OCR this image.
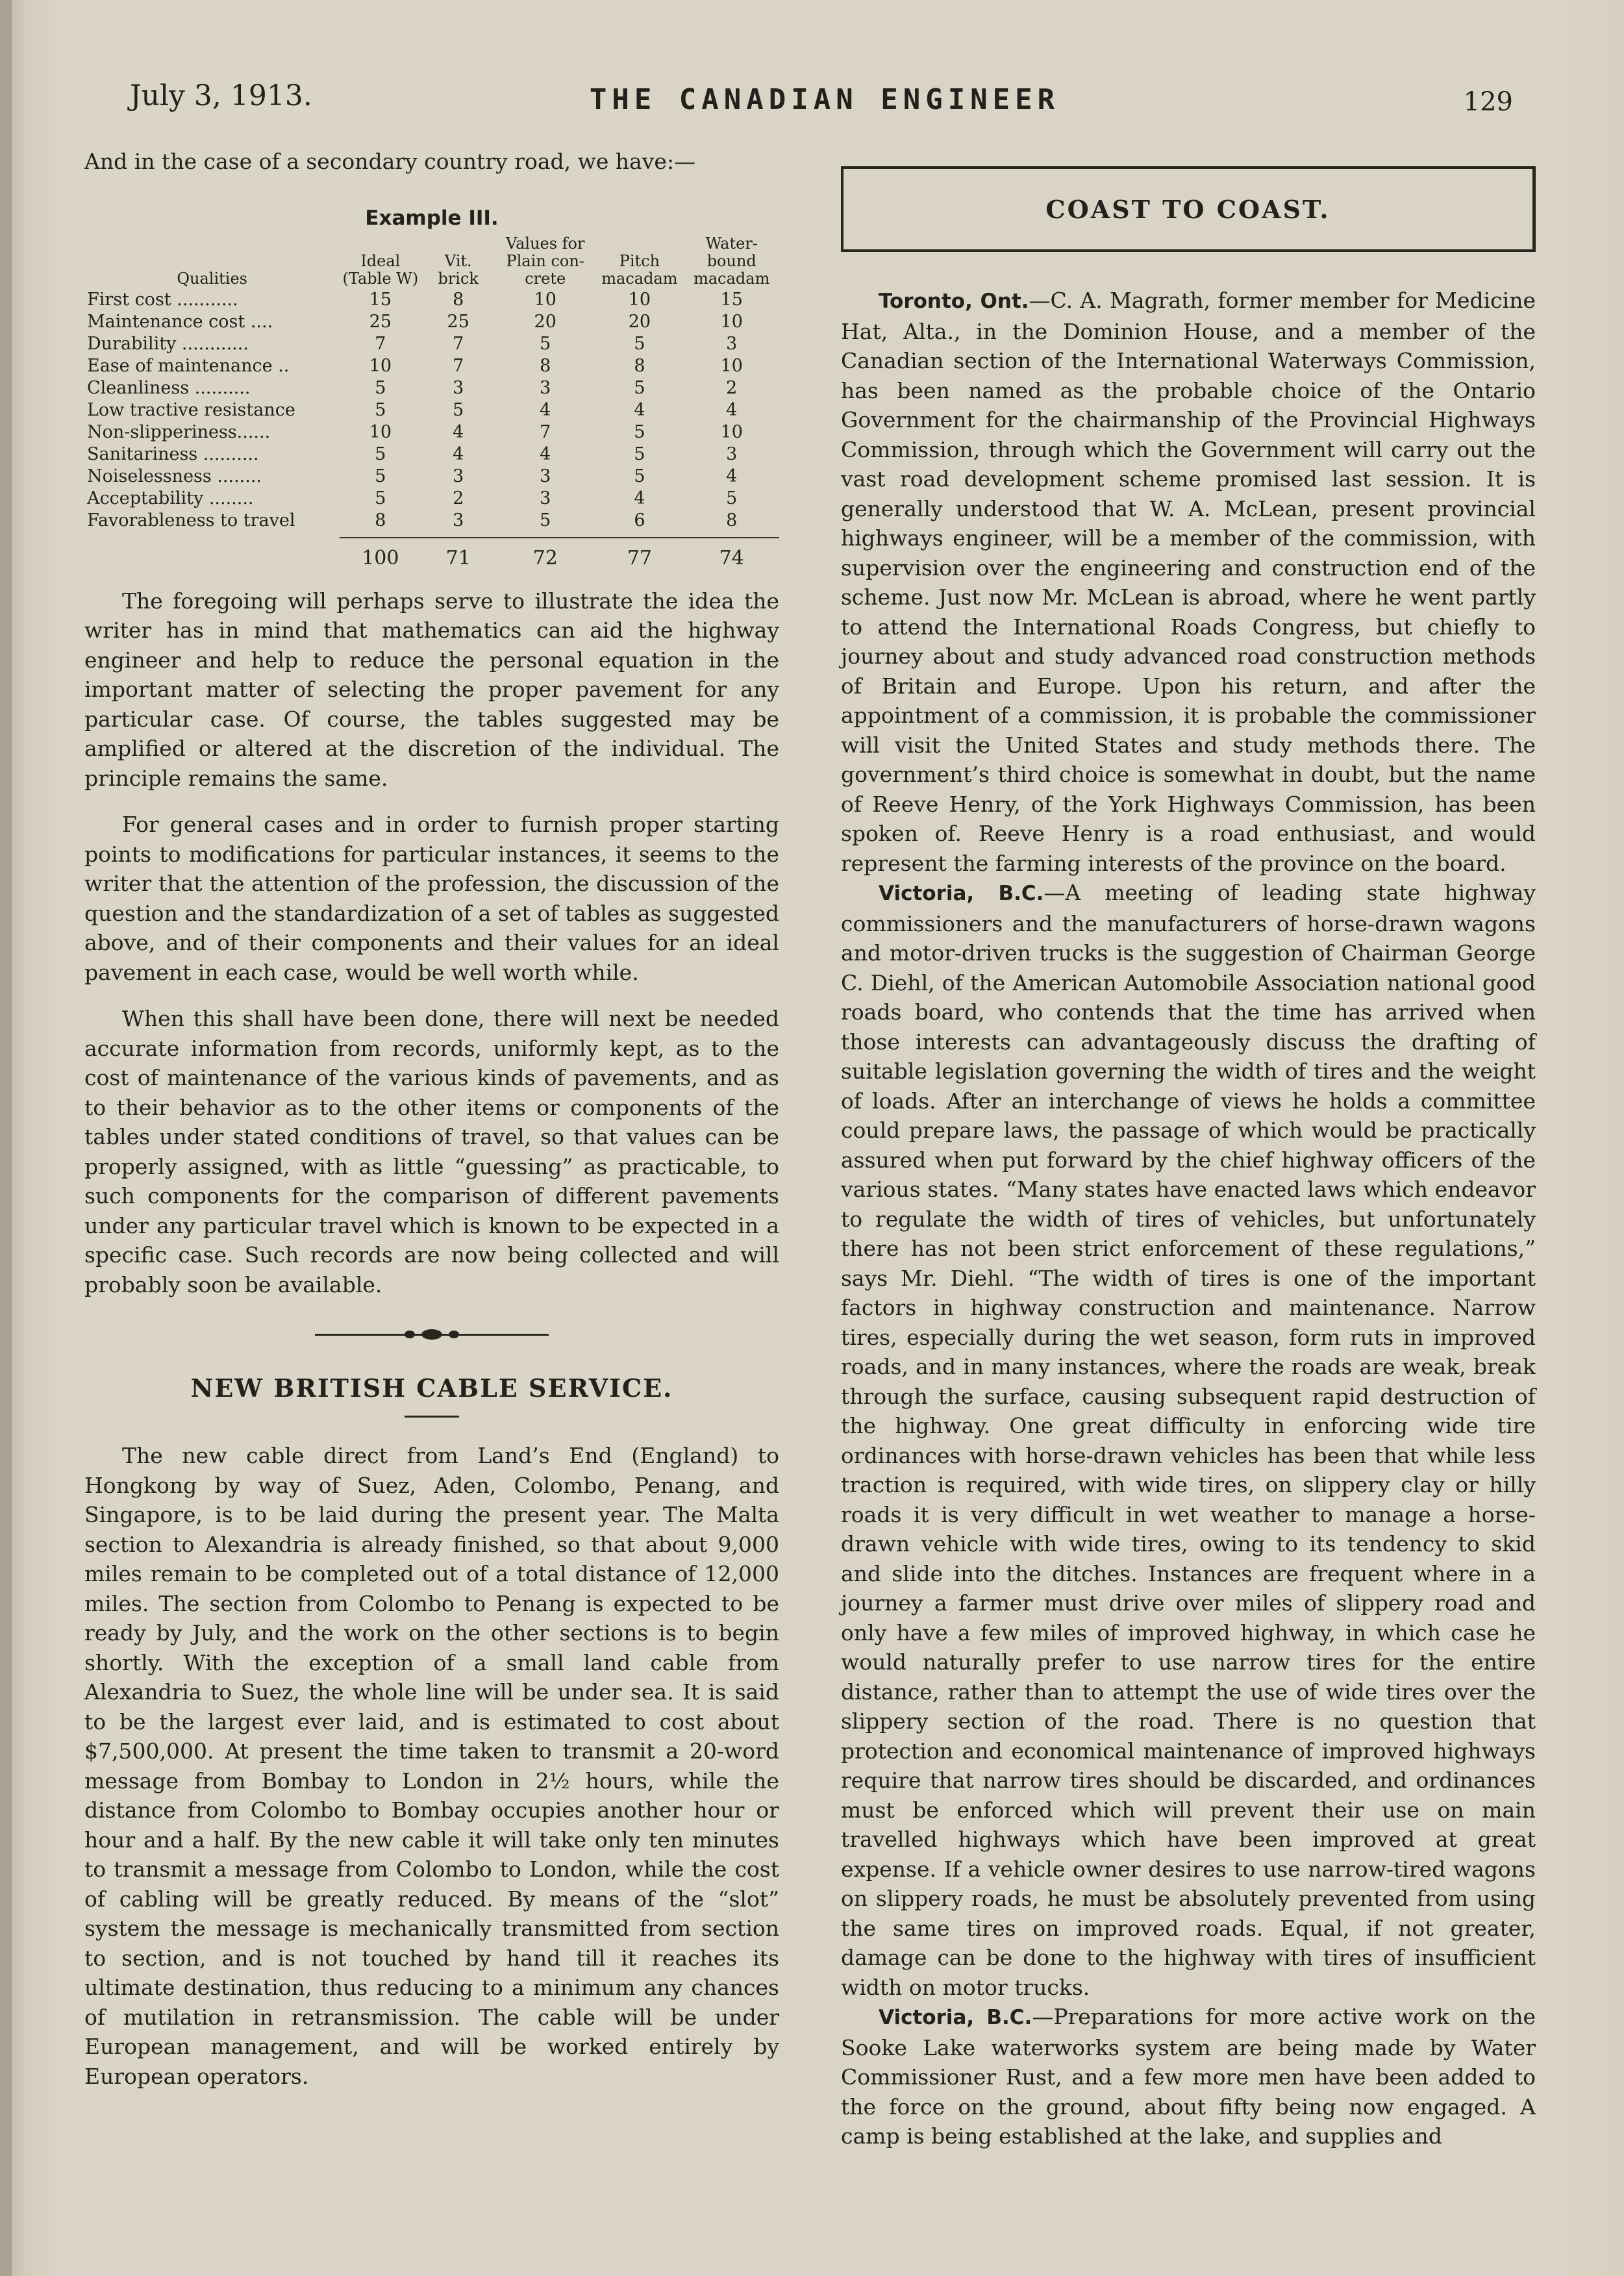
July 3, 1913.	THE CANADIAN ENGINEER	129

And in the case of a secondary country road, we have:—

Example III.
Qualities	Ideal (Table W)	Vit. brick	Values for Plain con- crete	Pitch macadam	Water- bound macadam
First cost ...........	15	8	10	10	15
Maintenance cost ....	25	25	20	20	10
Durability ............	7	7	5	5	3
Ease of maintenance ..	10	7	8	8	10
Cleanliness ..........	5	3	3	5	2
Low tractive resistance	5	5	4	4	4
Non-slipperiness......	10	4	7	5	10
Sanitariness ..........	5	4	4	5	3
Noiselessness ........	5	3	3	5	4
Acceptability ........	5	2	3	4	5
Favorableness to travel	8	3	5	6	8

	100	71	72	77	74

The foregoing will perhaps serve to illustrate the idea the writer has in mind that mathematics can aid the highway engineer and help to reduce the personal equation in the important matter of selecting the proper pavement for any particular case. Of course, the tables suggested may be amplified or altered at the discretion of the individual. The principle remains the same.

For general cases and in order to furnish proper starting points to modifications for particular instances, it seems to the writer that the attention of the profession, the discussion of the question and the standardization of a set of tables as suggested above, and of their components and their values for an ideal pavement in each case, would be well worth while.

When this shall have been done, there will next be needed accurate information from records, uniformly kept, as to the cost of maintenance of the various kinds of pavements, and as to their behavior as to the other items or components of the tables under stated conditions of travel, so that values can be properly assigned, with as little “guessing” as practicable, to such components for the comparison of different pavements under any particular travel which is known to be expected in a specific case. Such records are now being collected and will probably soon be available.

NEW BRITISH CABLE SERVICE.

The new cable direct from Land’s End (England) to Hongkong by way of Suez, Aden, Colombo, Penang, and Singapore, is to be laid during the present year. The Malta section to Alexandria is already finished, so that about 9,000 miles remain to be completed out of a total distance of 12,000 miles. The section from Colombo to Penang is expected to be ready by July, and the work on the other sections is to begin shortly. With the exception of a small land cable from Alexandria to Suez, the whole line will be under sea. It is said to be the largest ever laid, and is estimated to cost about $7,500,000. At present the time taken to transmit a 20-word message from Bombay to London in 2½ hours, while the distance from Colombo to Bombay occupies another hour or hour and a half. By the new cable it will take only ten minutes to transmit a message from Colombo to London, while the cost of cabling will be greatly reduced. By means of the “slot” system the message is mechanically transmitted from section to section, and is not touched by hand till it reaches its ultimate destination, thus reducing to a minimum any chances of mutilation in retransmission. The cable will be under European management, and will be worked entirely by European operators.

COAST TO COAST.

Toronto, Ont.—C. A. Magrath, former member for Medicine Hat, Alta., in the Dominion House, and a member of the Canadian section of the International Waterways Commission, has been named as the probable choice of the Ontario Government for the chairmanship of the Provincial Highways Commission, through which the Government will carry out the vast road development scheme promised last session. It is generally understood that W. A. McLean, present provincial highways engineer, will be a member of the commission, with supervision over the engineering and construction end of the scheme. Just now Mr. McLean is abroad, where he went partly to attend the International Roads Congress, but chiefly to journey about and study advanced road construction methods of Britain and Europe. Upon his return, and after the appointment of a commission, it is probable the commissioner will visit the United States and study methods there. The government’s third choice is somewhat in doubt, but the name of Reeve Henry, of the York Highways Commission, has been spoken of. Reeve Henry is a road enthusiast, and would represent the farming interests of the province on the board.

Victoria, B.C.—A meeting of leading state highway commissioners and the manufacturers of horse-drawn wagons and motor-driven trucks is the suggestion of Chairman George C. Diehl, of the American Automobile Association national good roads board, who contends that the time has arrived when those interests can advantageously discuss the drafting of suitable legislation governing the width of tires and the weight of loads. After an interchange of views he holds a committee could prepare laws, the passage of which would be practically assured when put forward by the chief highway officers of the various states. “Many states have enacted laws which endeavor to regulate the width of tires of vehicles, but unfortunately there has not been strict enforcement of these regulations,” says Mr. Diehl. “The width of tires is one of the important factors in highway construction and maintenance. Narrow tires, especially during the wet season, form ruts in improved roads, and in many instances, where the roads are weak, break through the surface, causing subsequent rapid destruction of the highway. One great difficulty in enforcing wide tire ordinances with horse-drawn vehicles has been that while less traction is required, with wide tires, on slippery clay or hilly roads it is very difficult in wet weather to manage a horse-drawn vehicle with wide tires, owing to its tendency to skid and slide into the ditches. Instances are frequent where in a journey a farmer must drive over miles of slippery road and only have a few miles of improved highway, in which case he would naturally prefer to use narrow tires for the entire distance, rather than to attempt the use of wide tires over the slippery section of the road. There is no question that protection and economical maintenance of improved highways require that narrow tires should be discarded, and ordinances must be enforced which will prevent their use on main travelled highways which have been improved at great expense. If a vehicle owner desires to use narrow-tired wagons on slippery roads, he must be absolutely prevented from using the same tires on improved roads. Equal, if not greater, damage can be done to the highway with tires of insufficient width on motor trucks.

Victoria, B.C.—Preparations for more active work on the Sooke Lake waterworks system are being made by Water Commissioner Rust, and a few more men have been added to the force on the ground, about fifty being now engaged. A camp is being established at the lake, and supplies and
